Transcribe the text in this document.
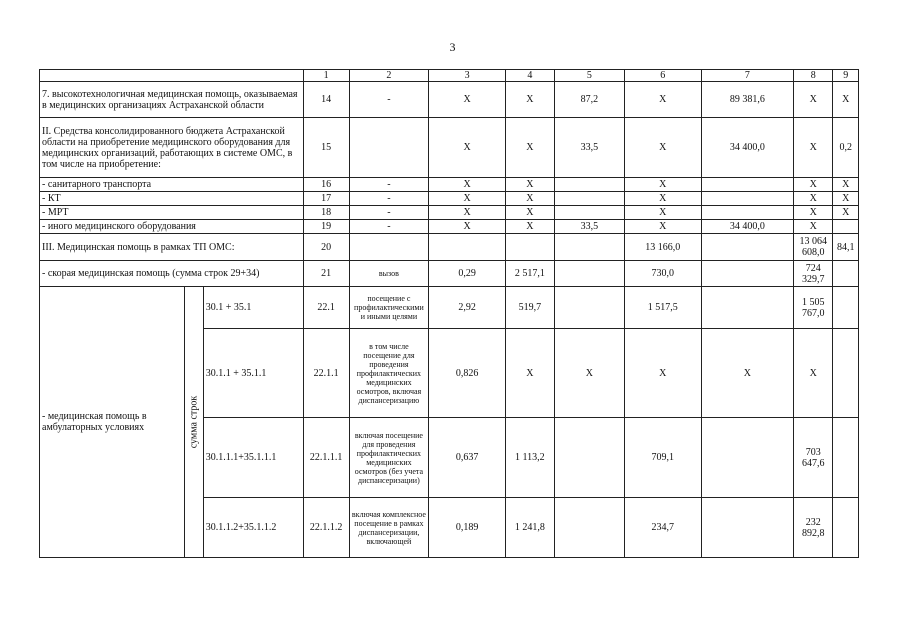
3
			1	2	3	4	5	6	7	8	9
7. высокотехнологичная медицинская помощь, оказываемая в медицинских организациях Астраханской области			14	-	Х	Х	87,2	Х	89 381,6	Х	Х
II. Средства консолидированного бюджета Астраханской области на приобретение медицинского оборудования для медицинских организаций, работающих в системе ОМС, в том числе на приобретение:			15		Х	Х	33,5	Х	34 400,0	Х	0,2
- санитарного транспорта			16	-	Х	Х		Х		Х	Х
- КТ			17	-	Х	Х		Х		Х	Х
- МРТ			18	-	Х	Х		Х		Х	Х
- иного медицинского оборудования			19	-	Х	Х	33,5	Х	34 400,0	Х	
III. Медицинская помощь в рамках ТП ОМС:			20					13 166,0		13 064 608,0	84,1
- скорая медицинская помощь (сумма строк 29+34)			21	вызов	0,29	2 517,1		730,0		724 329,7	
- медицинская помощь в амбулаторных условиях	сумма строк	30.1 + 35.1	22.1	посещение с профилактическими и иными целями	2,92	519,7		1 517,5		1 505 767,0	
		30.1.1 + 35.1.1	22.1.1	в том числе посещение для проведения профилактических медицинских осмотров, включая диспансеризацию	0,826	Х	Х	Х	Х	Х	
		30.1.1.1+35.1.1.1	22.1.1.1	включая посещение для проведения профилактических медицинских осмотров (без учета диспансеризации)	0,637	1 113,2		709,1		703 647,6	
		30.1.1.2+35.1.1.2	22.1.1.2	включая комплексное посещение в рамках диспансеризации, включающей	0,189	1 241,8		234,7		232 892,8	
